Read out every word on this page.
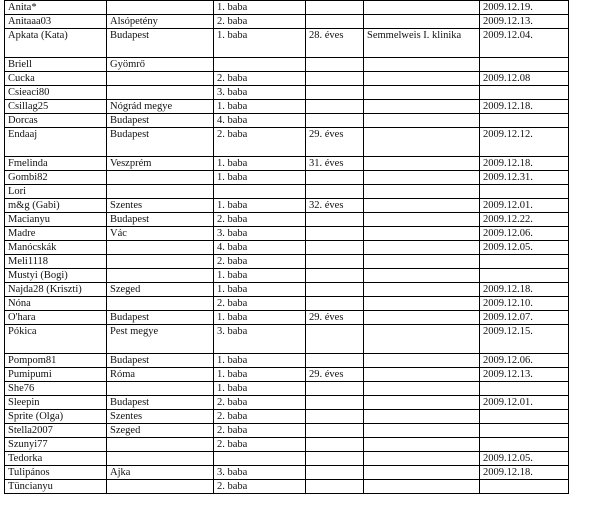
Anita*		1. baba			2009.12.19.
Anitaaa03	Alsópetény	2. baba			2009.12.13.
Apkata (Kata)	Budapest	1. baba	28. éves	Semmelweis I. klinika	2009.12.04.
Briell	Gyömrő				
Cucka		2. baba			2009.12.08
Csieaci80		3. baba			
Csillag25	Nógrád megye	1. baba			2009.12.18.
Dorcas	Budapest	4. baba			
Endaaj	Budapest	2. baba	29. éves		2009.12.12.
Fmelinda	Veszprém	1. baba	31. éves		2009.12.18.
Gombi82		1. baba			2009.12.31.
Lori					
m&g (Gabi)	Szentes	1. baba	32. éves		2009.12.01.
Macianyu	Budapest	2. baba			2009.12.22.
Madre	Vác	3. baba			2009.12.06.
Manócskák		4. baba			2009.12.05.
Meli1118		2. baba			
Mustyi (Bogi)		1. baba			
Najda28 (Kriszti)	Szeged	1. baba			2009.12.18.
Nóna		2. baba			2009.12.10.
O'hara	Budapest	1. baba	29. éves		2009.12.07.
Pókica	Pest megye	3. baba			2009.12.15.
Pompom81	Budapest	1. baba			2009.12.06.
Pumipumi	Róma	1. baba	29. éves		2009.12.13.
She76		1. baba			
Sleepin	Budapest	2. baba			2009.12.01.
Sprite (Olga)	Szentes	2. baba			
Stella2007	Szeged	2. baba			
Szunyi77		2. baba			
Tedorka					2009.12.05.
Tulipános	Ajka	3. baba			2009.12.18.
Tüncianyu		2. baba			
